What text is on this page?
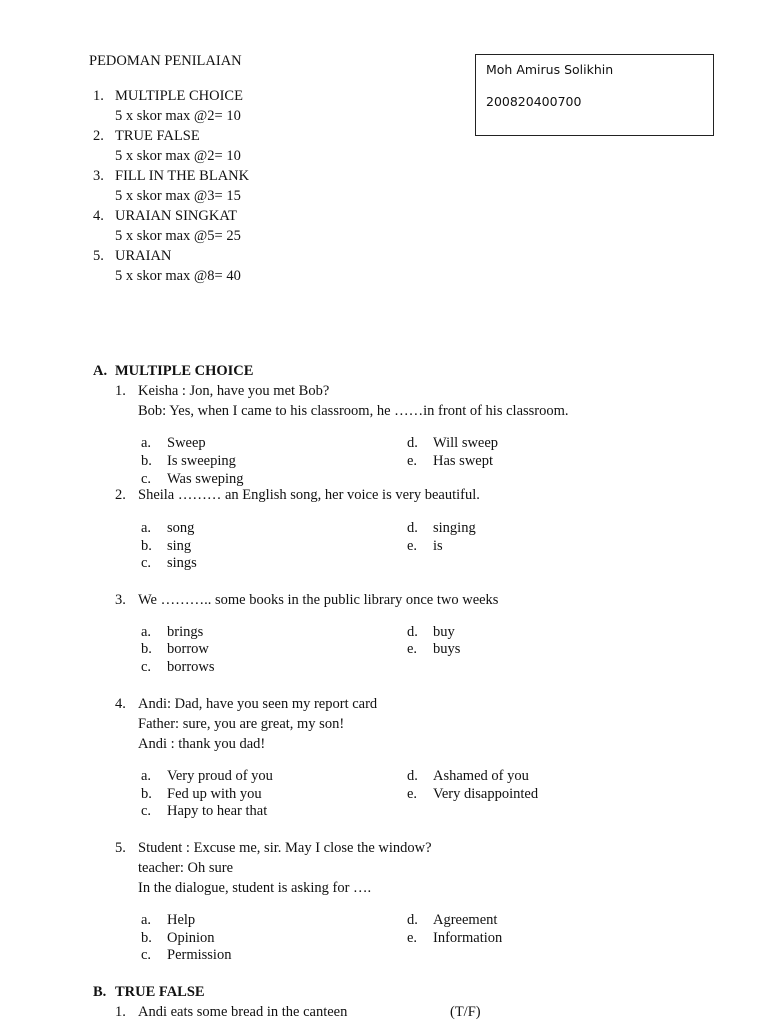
PEDOMAN PENILAIAN
Moh Amirus Solikhin
200820400700
1. MULTIPLE CHOICE
5 x skor max @2= 10
2. TRUE FALSE
5 x skor max @2= 10
3. FILL IN THE BLANK
5 x skor max @3= 15
4. URAIAN SINGKAT
5 x skor max @5= 25
5. URAIAN
5 x skor max @8= 40
A. MULTIPLE CHOICE
1. Keisha : Jon, have you met Bob?
Bob: Yes, when I came to his classroom, he ……in front of his classroom.
a. Sweep
b. Is sweeping
c. Was sweping
d. Will sweep
e. Has swept
2. Sheila ……… an English song, her voice is very beautiful.
a. song
b. sing
c. sings
d. singing
e. is
3. We ……….. some books in the public library once two weeks
a. brings
b. borrow
c. borrows
d. buy
e. buys
4. Andi: Dad, have you seen my report card
Father: sure, you are great, my son!
Andi : thank you dad!
a. Very proud of you
b. Fed up with you
c. Hapy to hear that
d. Ashamed of you
e. Very disappointed
5. Student : Excuse me, sir. May I close the window?
teacher: Oh sure
In the dialogue, student is asking for ….
a. Help
b. Opinion
c. Permission
d. Agreement
e. Information
B. TRUE FALSE
1. Andi eats some bread in the canteen	(T/F)
